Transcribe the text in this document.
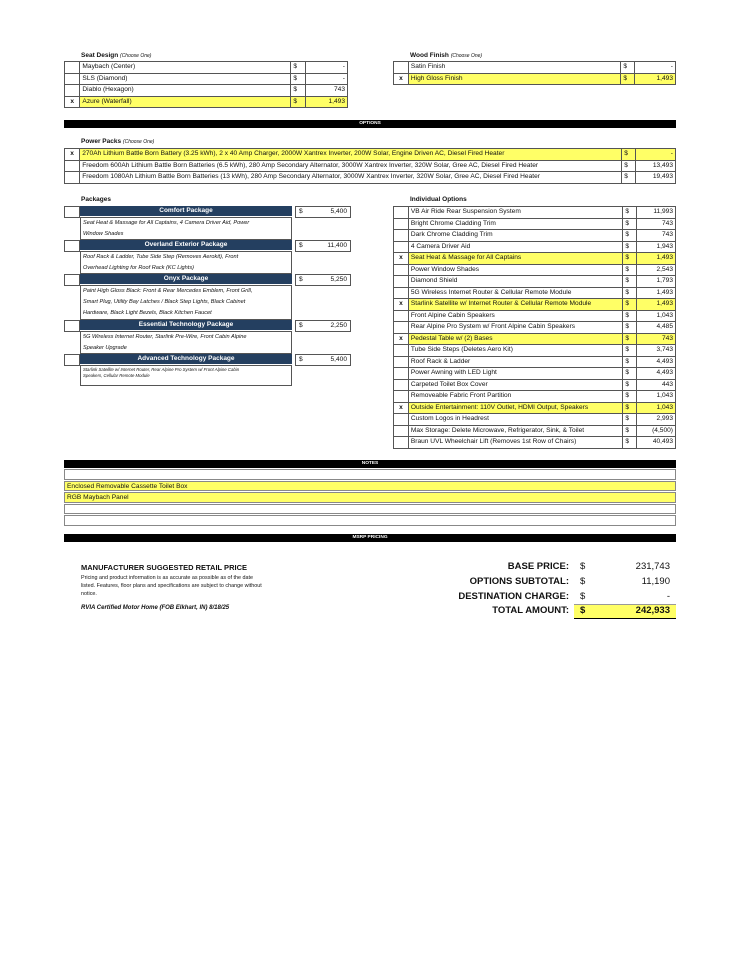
Seat Design (Choose One)
	Maybach (Center)	$	-
	SLS (Diamond)	$	-
	Diablo (Hexagon)	$	743
x	Azure (Waterfall)	$	1,493
Wood Finish (Choose One)
	Satin Finish	$	-
x	High Gloss Finish	$	1,493
OPTIONS
Power Packs (Choose One)
x	270Ah Lithium Battle Born Battery (3.25 kWh), 2 x 40 Amp Charger, 2000W Xantrex Inverter, 200W Solar, Engine Driven AC, Diesel Fired Heater	$	-
	Freedom 600Ah Lithium Battle Born Batteries (6.5 kWh), 280 Amp Secondary Alternator, 3000W Xantrex Inverter, 320W Solar, Gree AC, Diesel Fired Heater	$	13,493
	Freedom 1080Ah Lithium Battle Born Batteries (13 kWh), 280 Amp Secondary Alternator, 3000W Xantrex Inverter, 320W Solar, Gree AC, Diesel Fired Heater	$	19,493
Packages
Comfort Package	$	5,400
Seat Heat & Massage for All Captains, 4 Camera Driver Aid, Power
Window Shades
Overland Exterior Package	$	11,400
Roof Rack & Ladder, Tube Side Step (Removes Aerokit), Front
Overhead Lighting for Roof Rack (KC Lights)
Onyx Package	$	5,250
Paint High Gloss Black: Front & Rear Mercedes Emblem, Front Grill,
Smart Plug, Utility Bay Latches / Black Step Lights, Black Cabinet
Hardware, Black Light Bezels, Black Kitchen Faucet
Essential Technology Package	$	2,250
5G Wireless Internet Router, Starlink Pre-Wire, Front Cabin Alpine
Speaker Upgrade
Advanced Technology Package	$	5,400
Starlink Satellite w/ Internet Router, Rear Alpine Pro System w/ Front Alpine Cabin
Speakers, Cellular Remote Module
Individual Options
	VB Air Ride Rear Suspension System	$	11,993
	Bright Chrome Cladding Trim	$	743
	Dark Chrome Cladding Trim	$	743
	4 Camera Driver Aid	$	1,943
x	Seat Heat & Massage for All Captains	$	1,493
	Power Window Shades	$	2,543
	Diamond Shield	$	1,793
	5G Wireless Internet Router & Cellular Remote Module	$	1,493
x	Starlink Satellite w/ Internet Router & Cellular Remote Module	$	1,493
	Front Alpine Cabin Speakers	$	1,043
	Rear Alpine Pro System w/ Front Alpine Cabin Speakers	$	4,485
x	Pedestal Table w/ (2) Bases	$	743
	Tube Side Steps (Deletes Aero Kit)	$	3,743
	Roof Rack & Ladder	$	4,493
	Power Awning with LED Light	$	4,493
	Carpeted Toilet Box Cover	$	443
	Removeable Fabric Front Partition	$	1,043
x	Outside Entertainment: 110V Outlet, HDMI Output, Speakers	$	1,043
	Custom Logos in Headrest	$	2,993
	Max Storage: Delete Microwave, Refrigerator, Sink, & Toilet	$	(4,500)
	Braun UVL Wheelchair Lift (Removes 1st Row of Chairs)	$	40,493
NOTES
Enclosed Removable Cassette Toilet Box
RGB Maybach Panel
MSRP PRICING
MANUFACTURER SUGGESTED RETAIL PRICE
Pricing and product information is as accurate as possible as of the date
listed. Features, floor plans and specifications are subject to change without
notice.
RVIA Certified Motor Home (FOB Elkhart, IN) 8/18/25
BASE PRICE: $	231,743
OPTIONS SUBTOTAL: $	11,190
DESTINATION CHARGE: $	-
TOTAL AMOUNT: $	242,933
